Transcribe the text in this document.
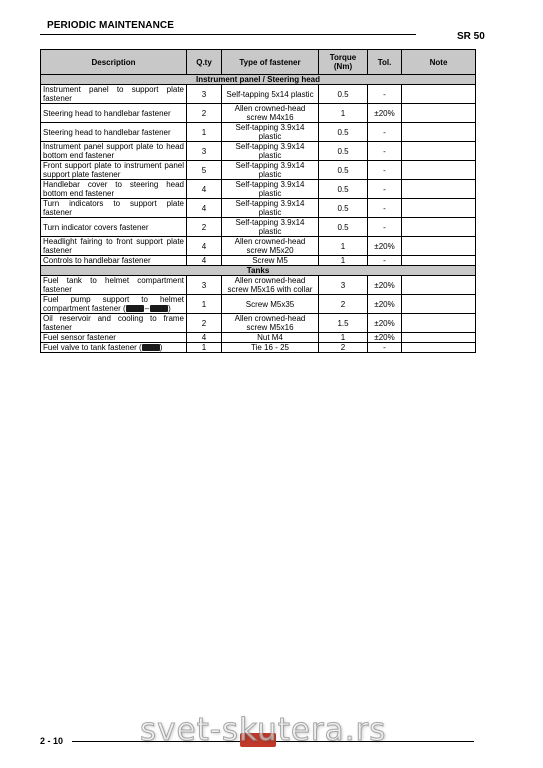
PERIODIC MAINTENANCE
SR 50
Description	Q.ty	Type of fastener	Torque (Nm)	Tol.	Note
Instrument panel / Steering head					
Instrument panel to support plate fastener	3	Self-tapping 5x14 plastic	0.5	-	
Steering head to handlebar fastener	2	Allen crowned-head screw M4x16	1	±20%	
Steering head to handlebar fastener	1	Self-tapping 3.9x14 plastic	0.5	-	
Instrument panel support plate to head bottom end fastener	3	Self-tapping 3.9x14 plastic	0.5	-	
Front support plate to instrument panel support plate fastener	5	Self-tapping 3.9x14 plastic	0.5	-	
Handlebar cover to steering head bottom end fastener	4	Self-tapping 3.9x14 plastic	0.5	-	
Turn indicators to support plate fastener	4	Self-tapping 3.9x14 plastic	0.5	-	
Turn indicator covers fastener	2	Self-tapping 3.9x14 plastic	0.5	-	
Headlight fairing to front support plate fastener	4	Allen crowned-head screw M5x20	1	±20%	
Controls to handlebar fastener	4	Screw M5	1	-	
Tanks					
Fuel tank to helmet compartment fastener	3	Allen crowned-head screw M5x16 with collar	3	±20%	
Fuel pump support to helmet compartment fastener ( – )	1	Screw M5x35	2	±20%	
Oil reservoir and cooling to frame fastener	2	Allen crowned-head screw M5x16	1.5	±20%	
Fuel sensor fastener	4	Nut M4	1	±20%	
Fuel valve to tank fastener ( )	1	Tie 16 - 25	2	-	
2 - 10 svet-skutera.rs
